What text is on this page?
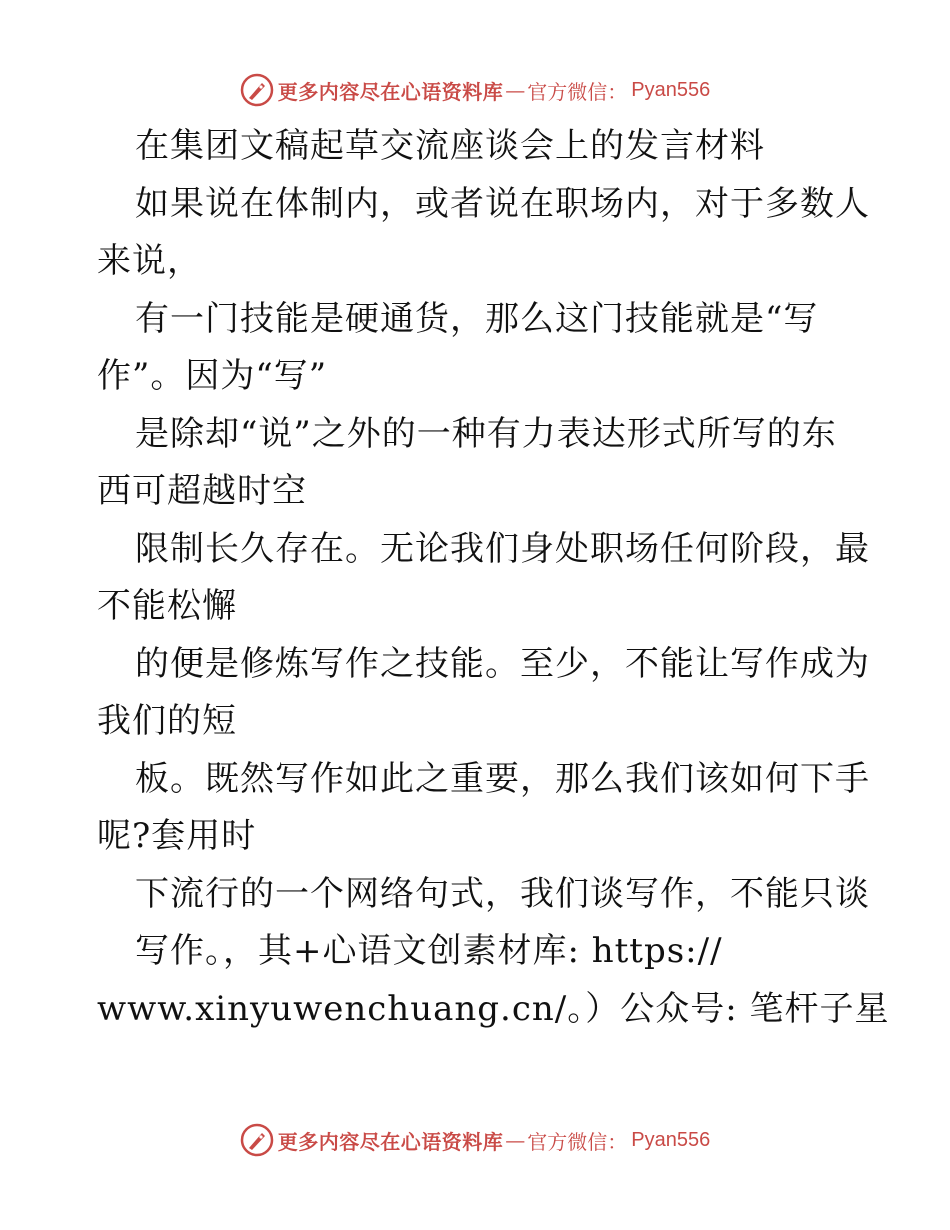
更多内容尽在心语资料库 — 官方微信： Pyan556
在集团文稿起草交流座谈会上的发言材料
如果说在体制内，或者说在职场内，对于多数人
来说，
有一门技能是硬通货，那么这门技能就是“写
作”。因为“写”
是除却“说”之外的一种有力表达形式所写的东
西可超越时空
限制长久存在。无论我们身处职场任何阶段，最
不能松懈
的便是修炼写作之技能。至少，不能让写作成为
我们的短
板。既然写作如此之重要，那么我们该如何下手
呢?套用时
下流行的一个网络句式，我们谈写作，不能只谈
写作。，其+心语文创素材库: https://
www.xinyuwenchuang.cn/。）公众号: 笔杆子星
更多内容尽在心语资料库 — 官方微信： Pyan556
